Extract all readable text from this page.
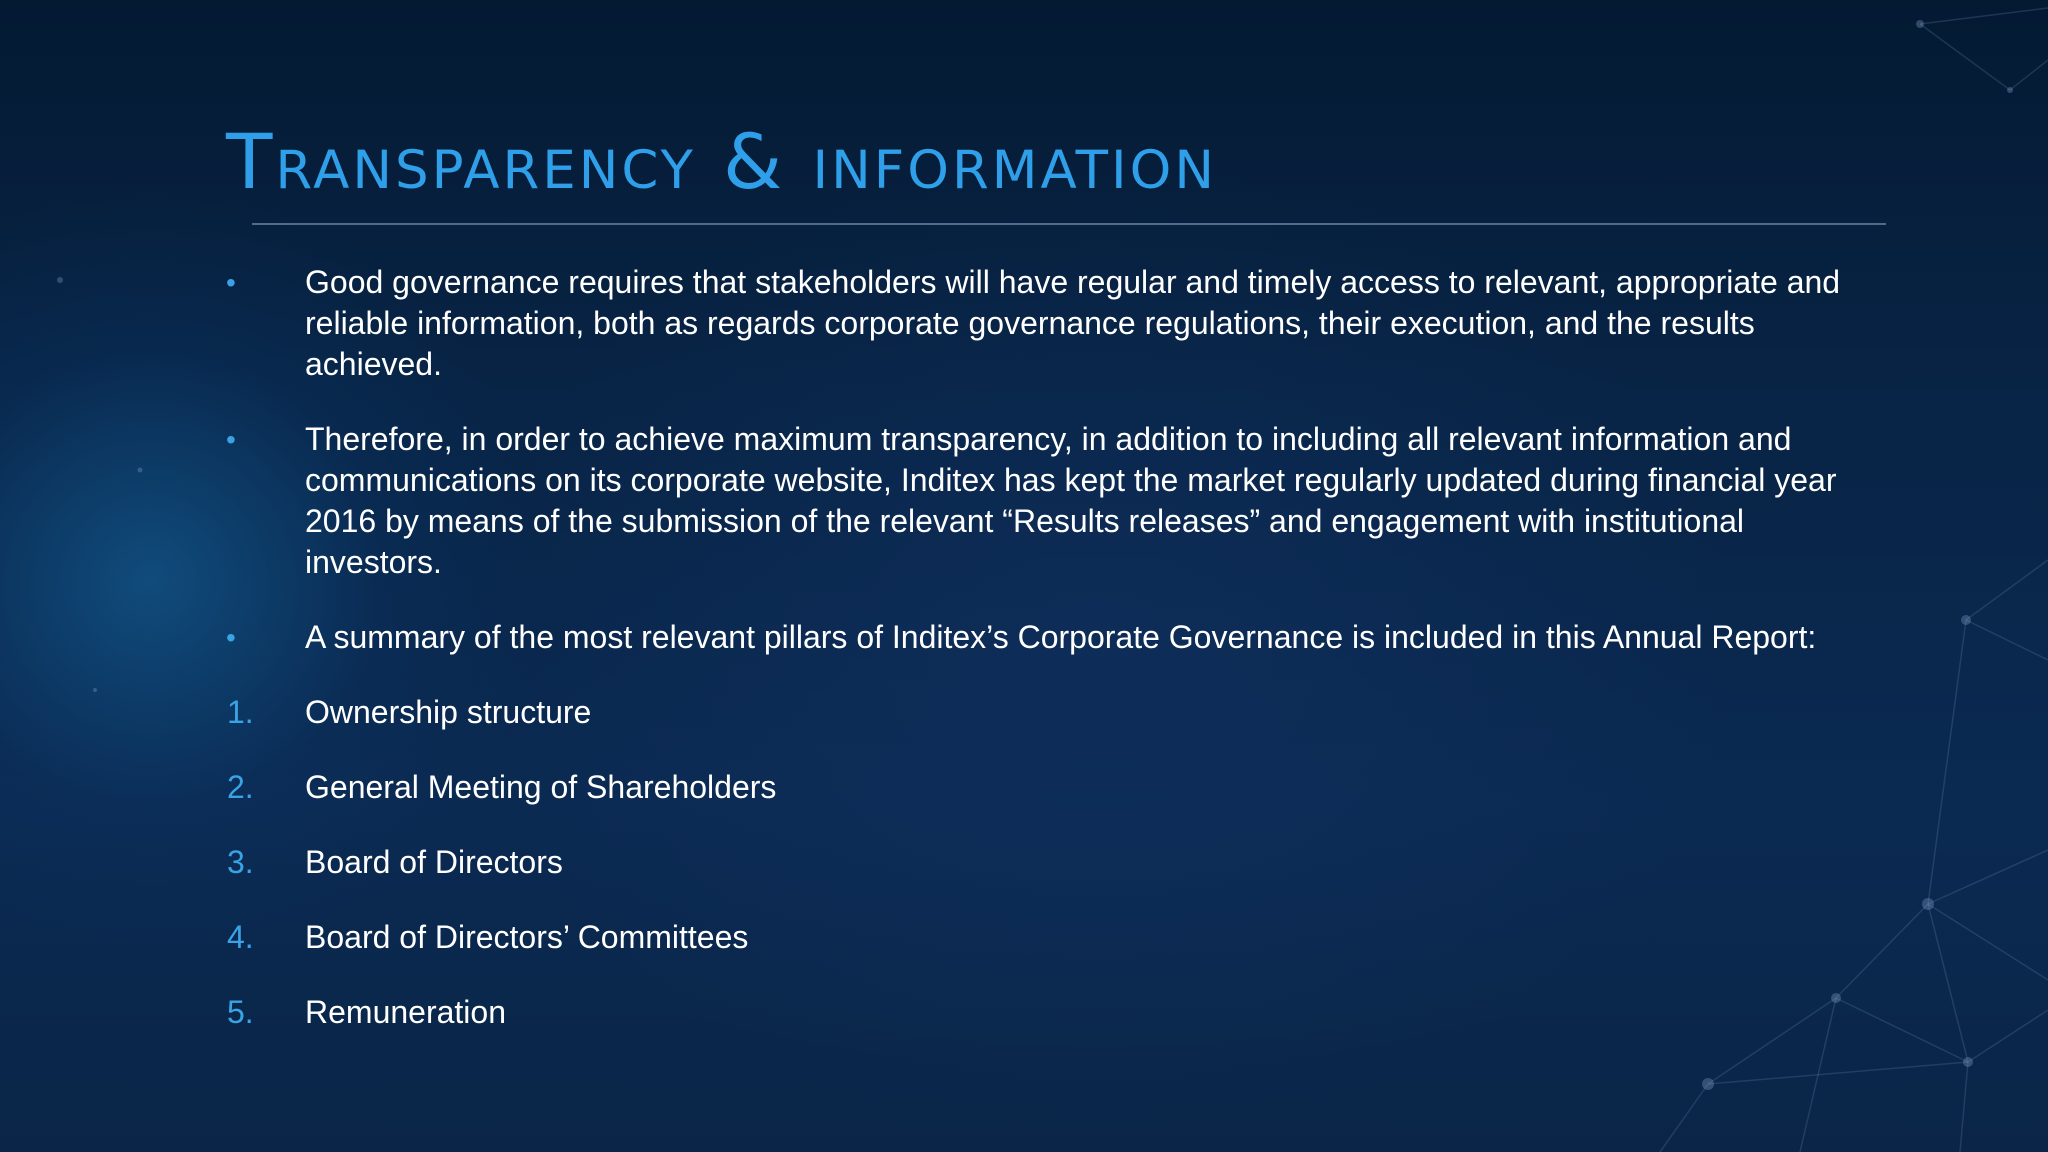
Transparency & information
• Good governance requires that stakeholders will have regular and timely access to relevant, appropriate and reliable information, both as regards corporate governance regulations, their execution, and the results achieved.
• Therefore, in order to achieve maximum transparency, in addition to including all relevant information and communications on its corporate website, Inditex has kept the market regularly updated during financial year 2016 by means of the submission of the relevant “Results releases” and engagement with institutional investors.
• A summary of the most relevant pillars of Inditex’s Corporate Governance is included in this Annual Report:
1. Ownership structure
2. General Meeting of Shareholders
3. Board of Directors
4. Board of Directors’ Committees
5. Remuneration
